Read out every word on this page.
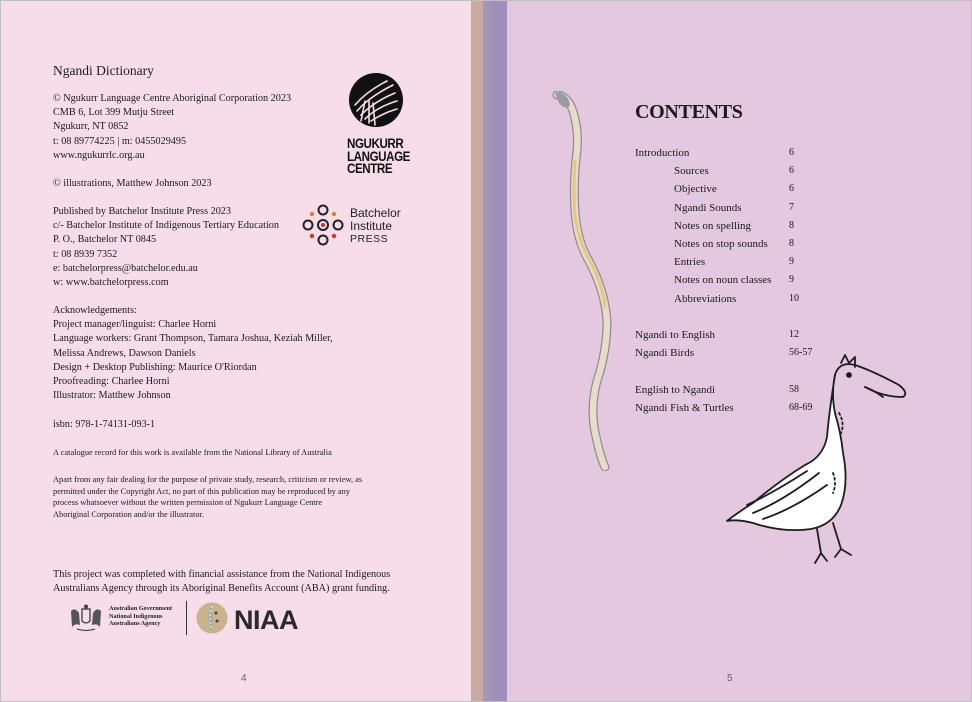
Ngandi Dictionary
© Ngukurr Language Centre Aboriginal Corporation 2023
CMB 6, Lot 399 Mutju Street
Ngukurr, NT 0852
t: 08 89774225 | m: 0455029495
www.ngukurrlc.org.au
© illustrations, Matthew Johnson 2023
Published by Batchelor Institute Press 2023
c/- Batchelor Institute of Indigenous Tertiary Education
P. O., Batchelor NT 0845
t: 08 8939 7352
e: batchelorpress@batchelor.edu.au
w: www.batchelorpress.com
Acknowledgements:
Project manager/linguist: Charlee Horni
Language workers: Grant Thompson, Tamara Joshua, Keziah Miller,
Melissa Andrews, Dawson Daniels
Design + Desktop Publishing: Maurice O'Riordan
Proofreading: Charlee Horni
Illustrator: Matthew Johnson
isbn: 978-1-74131-093-1
A catalogue record for this work is available from the National Library of Australia
Apart from any fair dealing for the purpose of private study, research, criticism or review, as
permitted under the Copyright Act, no part of this publication may be reproduced by any
process whatsoever without the written permission of Ngukurr Language Centre
Aboriginal Corporation and/or the illustrator.
This project was completed with financial assistance from the National Indigenous
Australians Agency through its Aboriginal Benefits Account (ABA) grant funding.
NGUKURR
LANGUAGE
CENTRE
Batchelor
Institute
PRESS
Australian Government
National Indigenous
Australians Agency	NIAA
4	5
CONTENTS
Introduction	6
Sources	6
Objective	6
Ngandi Sounds	7
Notes on spelling	8
Notes on stop sounds 8
Entries	9
Notes on noun classes 9
Abbreviations	10
Ngandi to English	12
Ngandi Birds	56-57
English to Ngandi	58
Ngandi Fish & Turtles	68-69
